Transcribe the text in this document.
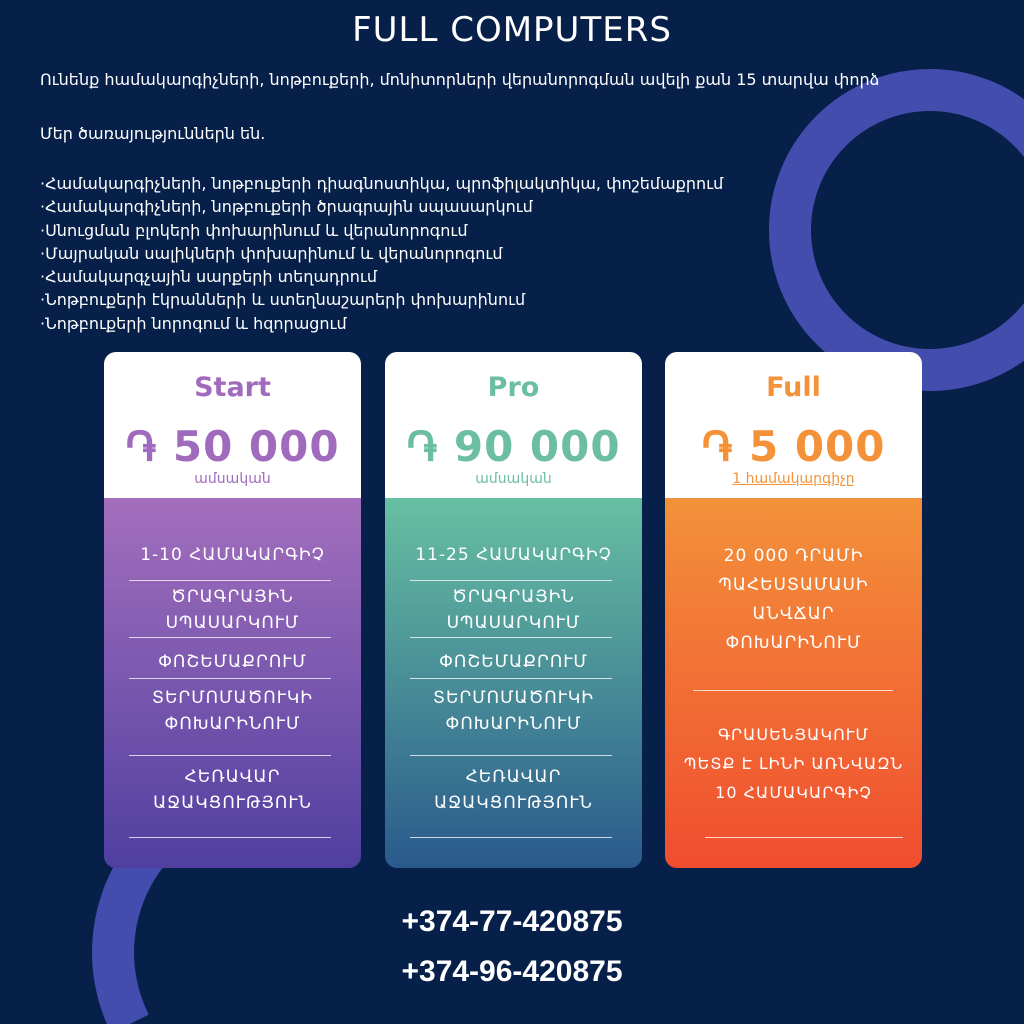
FULL COMPUTERS
Ունենք համակարգիչների, նոթբուքերի, մոնիտորների վերանորոգման ավելի քան 15 տարվա փորձ
Մեր ծառայություններն են.
· Համակարգիչների, նոթբուքերի դիագնոստիկա, պրոֆիլակտիկա, փոշեմաքրում
· Համակարգիչների, նոթբուքերի ծրագրային սպասարկում
· Սնուցման բլոկերի փոխարինում և վերանորոգում
· Մայրական սալիկների փոխարինում և վերանորոգում
· Համակարգչային սարքերի տեղադրում
· Նոթբուքերի էկրանների և ստեղնաշարերի փոխարինում
· Նոթբուքերի նորոգում և հզորացում
Start
֏ 50 000
ամսական
1-10 ՀԱՄԱԿԱՐԳԻՉ
ԾՐԱԳՐԱՅԻՆ
ՍՊԱՍԱՐԿՈՒՄ
ՓՈՇԵՄԱՔՐՈՒՄ
ՏԵՐՄՈՄԱԾՈՒԿԻ
ՓՈԽԱՐԻՆՈՒՄ
ՀԵՌԱՎԱՐ
ԱՋԱԿՑՈՒԹՅՈՒՆ
Pro
֏ 90 000
ամսական
11-25 ՀԱՄԱԿԱՐԳԻՉ
ԾՐԱԳՐԱՅԻՆ
ՍՊԱՍԱՐԿՈՒՄ
ՓՈՇԵՄԱՔՐՈՒՄ
ՏԵՐՄՈՄԱԾՈՒԿԻ
ՓՈԽԱՐԻՆՈՒՄ
ՀԵՌԱՎԱՐ
ԱՋԱԿՑՈՒԹՅՈՒՆ
Full
֏ 5 000
1 համակարգիչը
20 000 ԴՐԱՄԻ
ՊԱՀԵՍՏԱՄԱՍԻ
ԱՆՎՃԱՐ
ՓՈԽԱՐԻՆՈՒՄ
ԳՐԱՍԵՆՅԱԿՈՒՄ
ՊԵՏՔ Է ԼԻՆԻ ԱՌՆՎԱԶՆ
10 ՀԱՄԱԿԱՐԳԻՉ
+374-77-420875
+374-96-420875
